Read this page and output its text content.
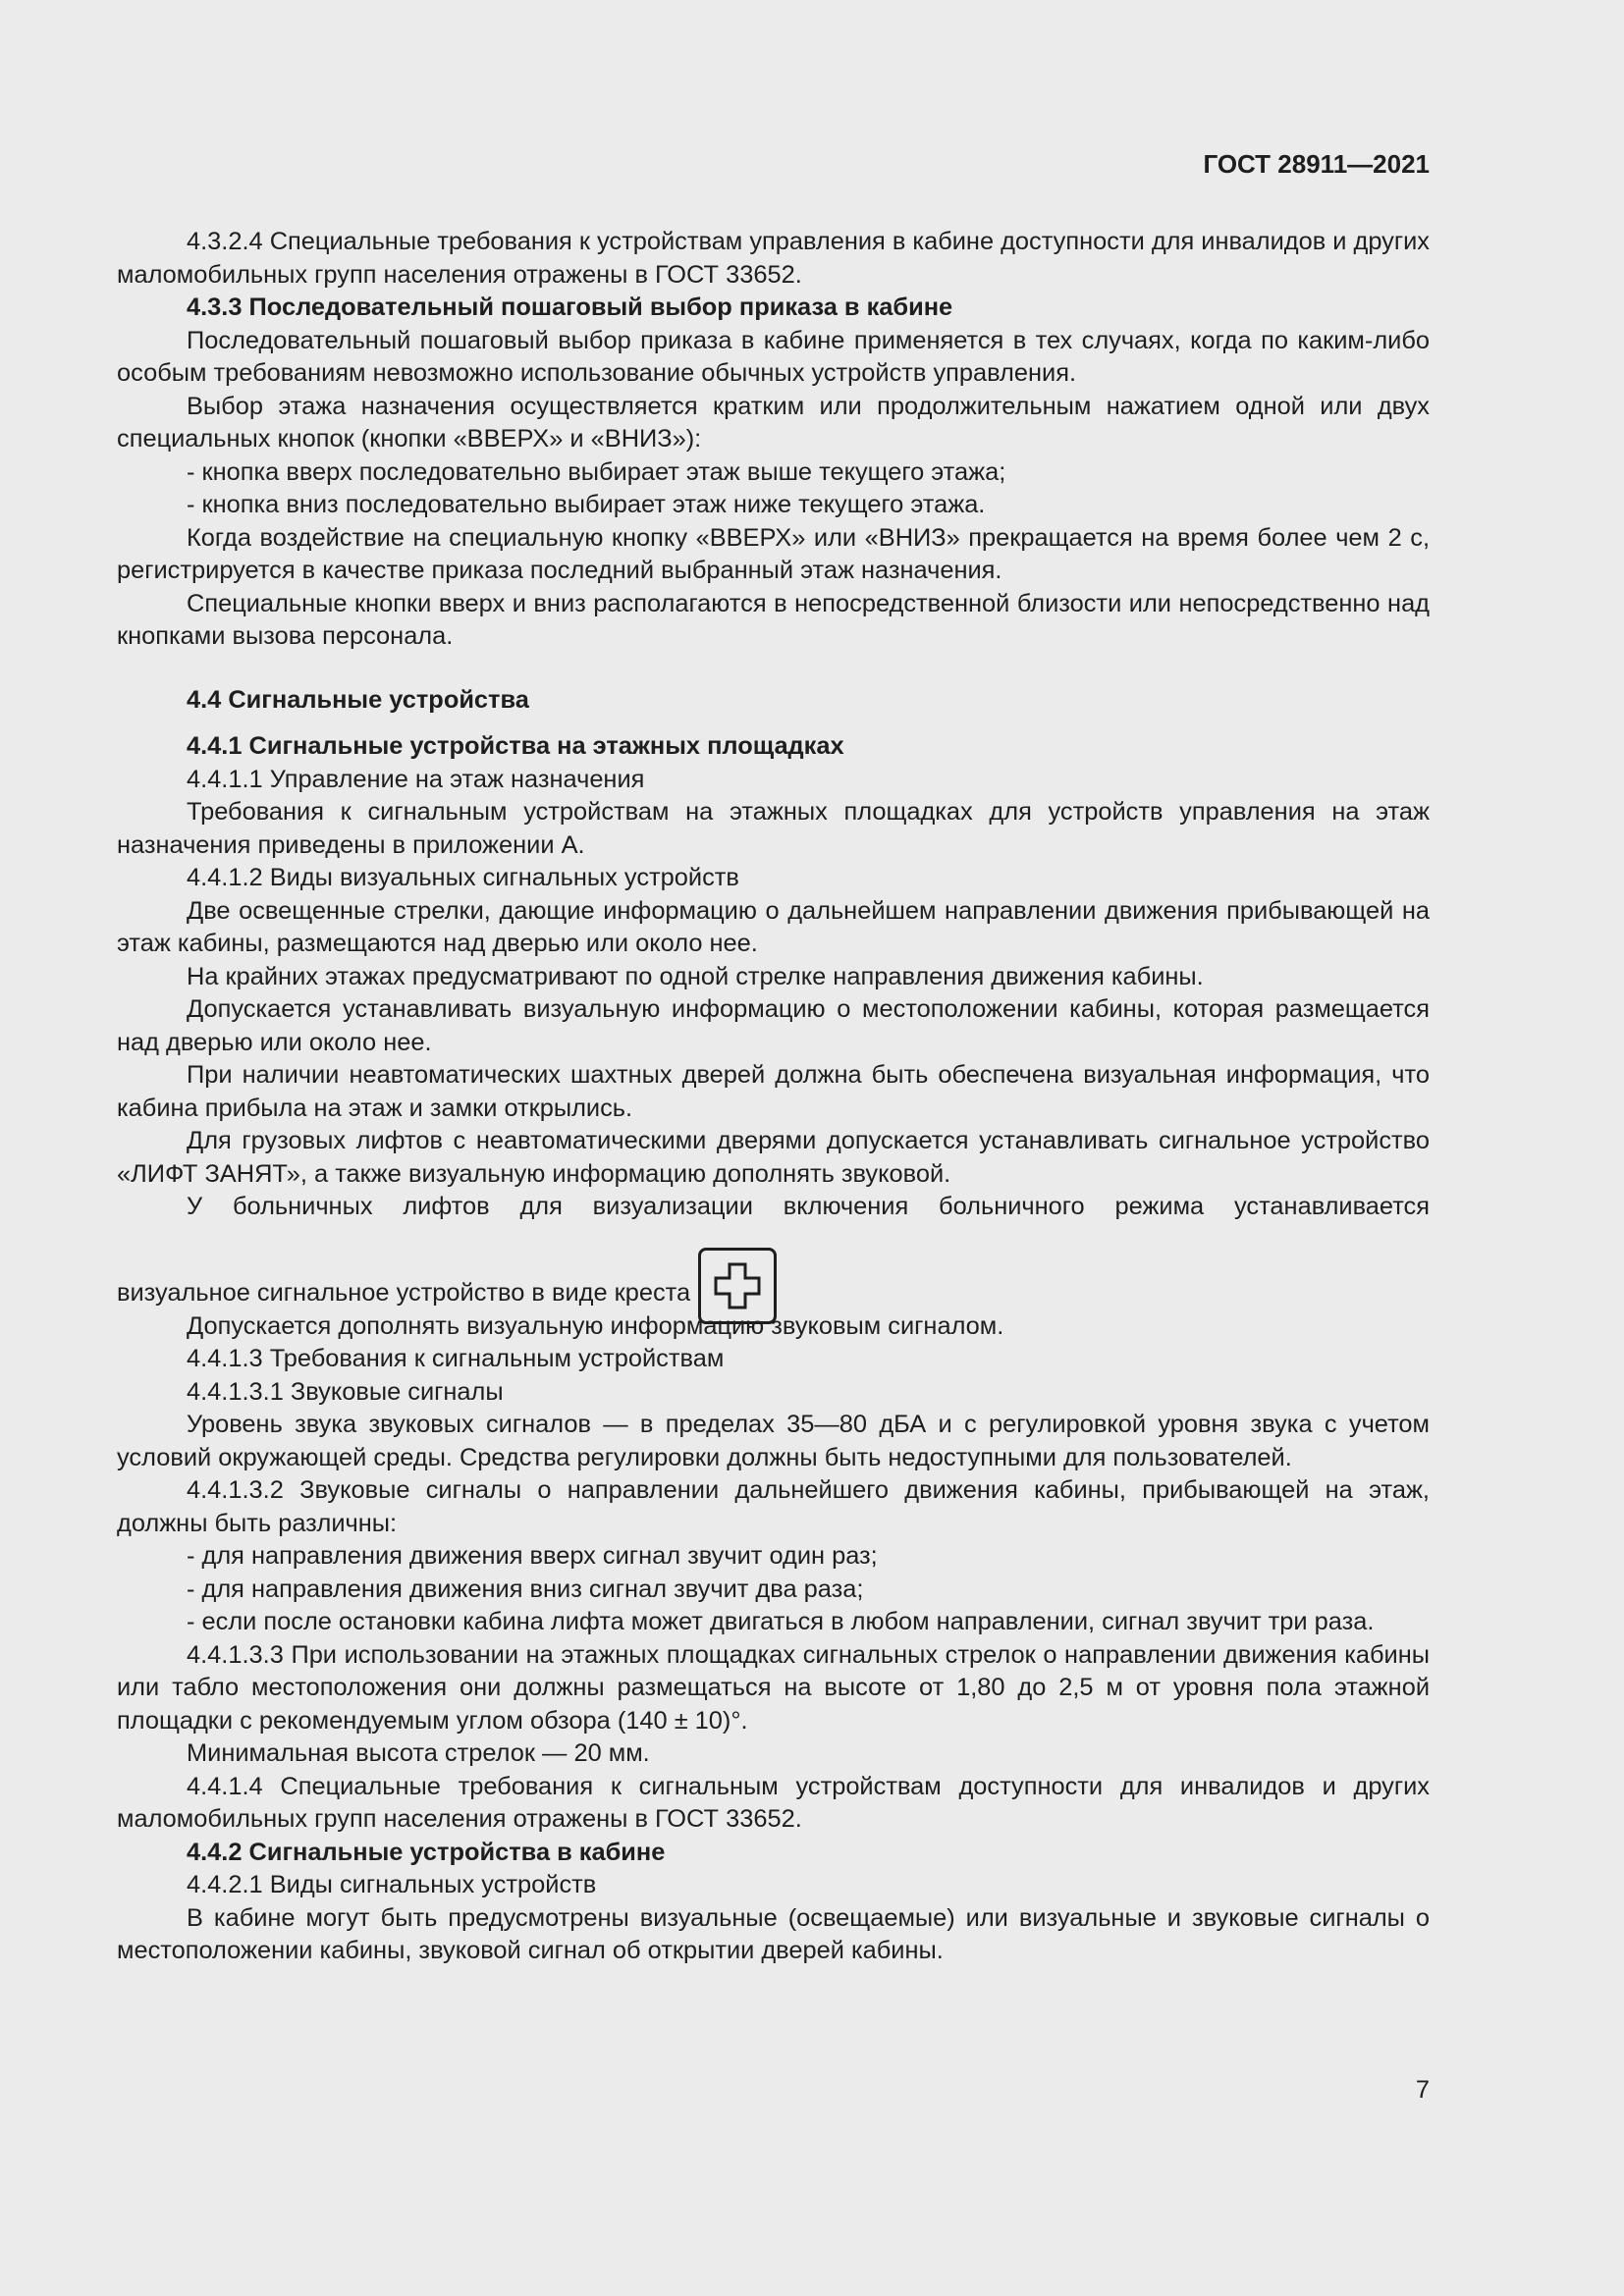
ГОСТ 28911—2021
4.3.2.4 Специальные требования к устройствам управления в кабине доступности для инвалидов и других маломобильных групп населения отражены в ГОСТ 33652.
4.3.3 Последовательный пошаговый выбор приказа в кабине
Последовательный пошаговый выбор приказа в кабине применяется в тех случаях, когда по каким-либо особым требованиям невозможно использование обычных устройств управления.
Выбор этажа назначения осуществляется кратким или продолжительным нажатием одной или двух специальных кнопок (кнопки «ВВЕРХ» и «ВНИЗ»):
- кнопка вверх последовательно выбирает этаж выше текущего этажа;
- кнопка вниз последовательно выбирает этаж ниже текущего этажа.
Когда воздействие на специальную кнопку «ВВЕРХ» или «ВНИЗ» прекращается на время более чем 2 с, регистрируется в качестве приказа последний выбранный этаж назначения.
Специальные кнопки вверх и вниз располагаются в непосредственной близости или непосредственно над кнопками вызова персонала.
4.4 Сигнальные устройства
4.4.1 Сигнальные устройства на этажных площадках
4.4.1.1 Управление на этаж назначения
Требования к сигнальным устройствам на этажных площадках для устройств управления на этаж назначения приведены в приложении А.
4.4.1.2 Виды визуальных сигнальных устройств
Две освещенные стрелки, дающие информацию о дальнейшем направлении движения прибывающей на этаж кабины, размещаются над дверью или около нее.
На крайних этажах предусматривают по одной стрелке направления движения кабины.
Допускается устанавливать визуальную информацию о местоположении кабины, которая размещается над дверью или около нее.
При наличии неавтоматических шахтных дверей должна быть обеспечена визуальная информация, что кабина прибыла на этаж и замки открылись.
Для грузовых лифтов с неавтоматическими дверями допускается устанавливать сигнальное устройство «ЛИФТ ЗАНЯТ», а также визуальную информацию дополнять звуковой.
У больничных лифтов для визуализации включения больничного режима устанавливается
визуальное сигнальное устройство в виде креста
Допускается дополнять визуальную информацию звуковым сигналом.
4.4.1.3 Требования к сигнальным устройствам
4.4.1.3.1 Звуковые сигналы
Уровень звука звуковых сигналов — в пределах 35—80 дБА и с регулировкой уровня звука с учетом условий окружающей среды. Средства регулировки должны быть недоступными для пользователей.
4.4.1.3.2 Звуковые сигналы о направлении дальнейшего движения кабины, прибывающей на этаж, должны быть различны:
- для направления движения вверх сигнал звучит один раз;
- для направления движения вниз сигнал звучит два раза;
- если после остановки кабина лифта может двигаться в любом направлении, сигнал звучит три раза.
4.4.1.3.3 При использовании на этажных площадках сигнальных стрелок о направлении движения кабины или табло местоположения они должны размещаться на высоте от 1,80 до 2,5 м от уровня пола этажной площадки с рекомендуемым углом обзора (140 ± 10)°.
Минимальная высота стрелок — 20 мм.
4.4.1.4 Специальные требования к сигнальным устройствам доступности для инвалидов и других маломобильных групп населения отражены в ГОСТ 33652.
4.4.2 Сигнальные устройства в кабине
4.4.2.1 Виды сигнальных устройств
В кабине могут быть предусмотрены визуальные (освещаемые) или визуальные и звуковые сигналы о местоположении кабины, звуковой сигнал об открытии дверей кабины.
7
